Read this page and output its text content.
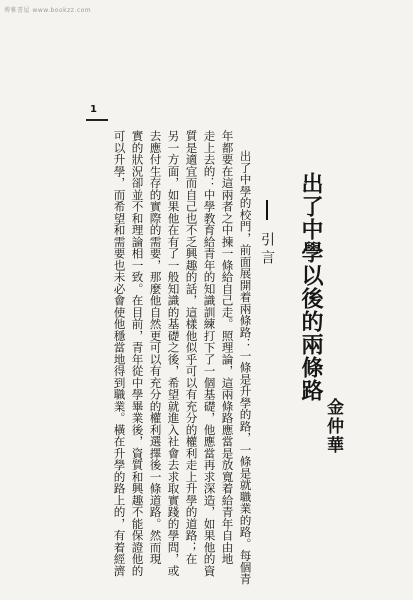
博雅書屋 www.bookzz.com
1
出了中學以後的兩條路
金仲華
引言
出了中學的校門，前面展開着兩條路：一條是升學的路，一條是就職業的路。每個青
年都要在這兩者之中揀一條給自己走。照理論，這兩條路應當是放寬着給青年自由地
走上去的：中學教育給青年的知識訓練打下了一個基礎，他應當再求深造，如果他的資
質是適宜而自己也不乏興趣的話，這樣他似乎可以有充分的權利走上升學的道路；在
另一方面，如果他在有了一般知識的基礎之後，希望就進入社會去求取實踐的學問，或
去應付生存的實際的需要，那麼他自然更可以有充分的權利選擇後一條道路。然而現
實的狀況卻並不和理論相一致。在目前，青年從中學畢業後，資質和興趣不能保證他的
可以升學，而希望和需要也未必會使他穩當地得到職業。橫在升學的路上的，有着經濟
